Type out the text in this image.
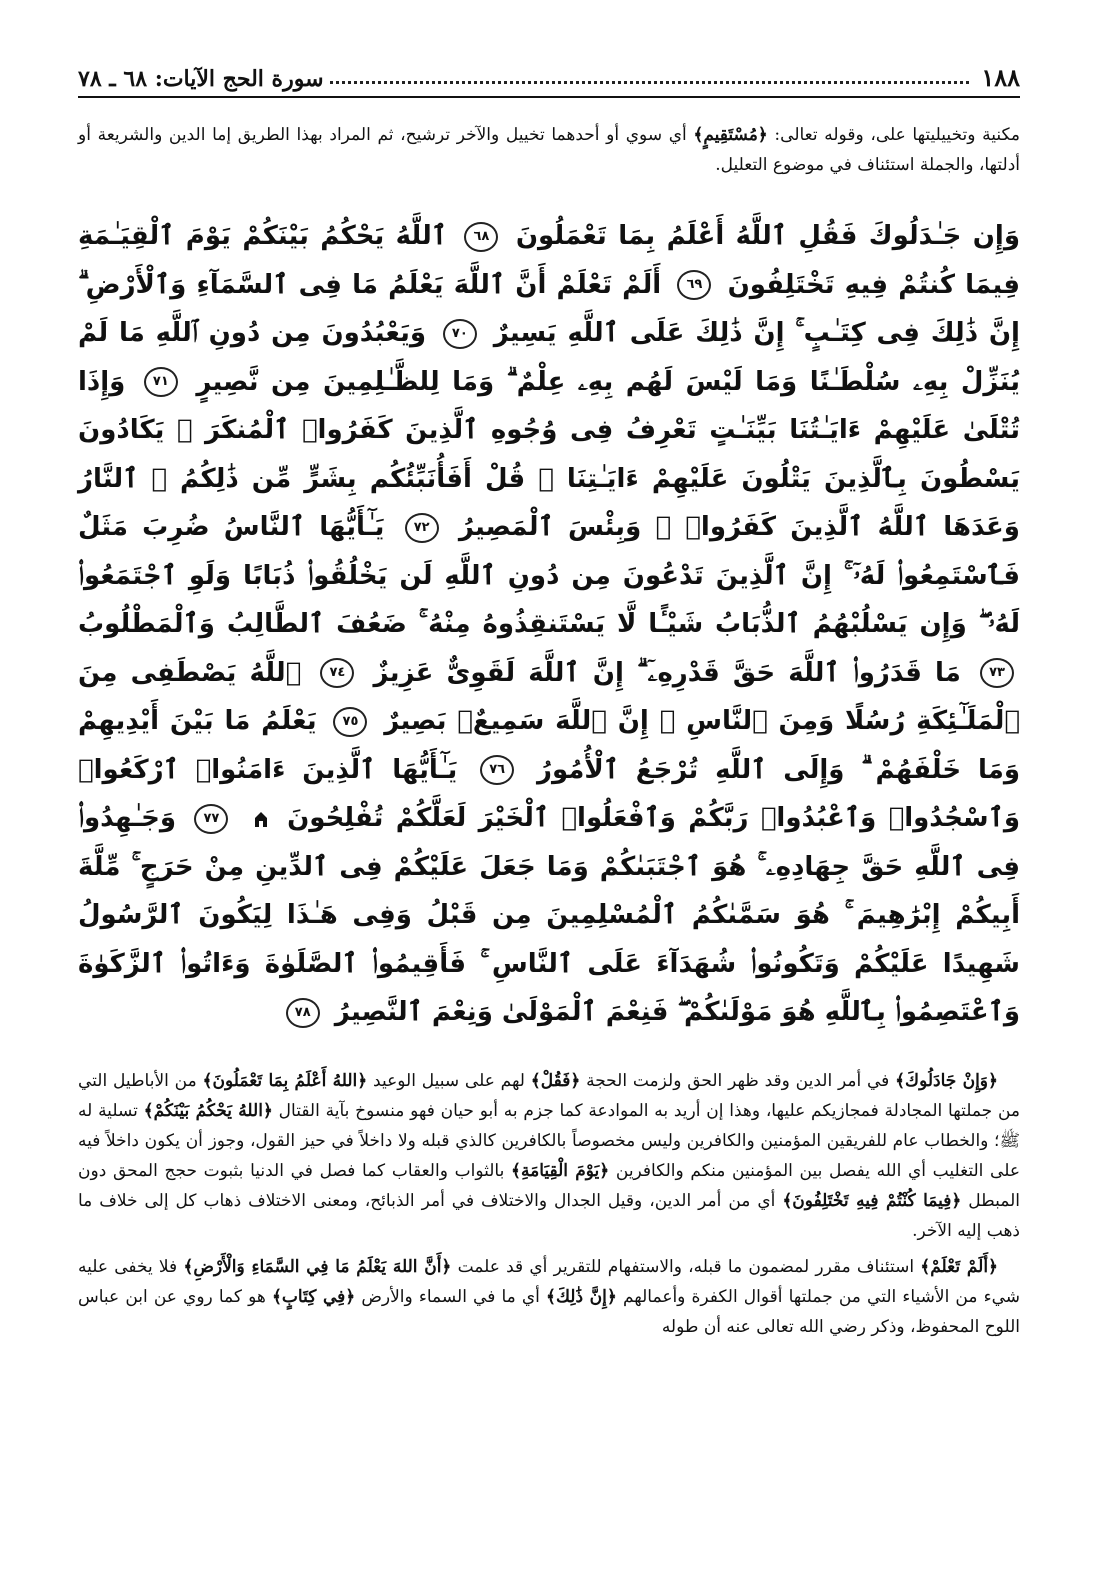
١٨٨
سورة الحج الآيات: ٦٨ ـ ٧٨

مكنية وتخييليتها على، وقوله تعالى: ﴿مُسْتَقِيمٍ﴾ أي سوي أو أحدهما تخييل والآخر ترشيح، ثم المراد بهذا الطريق إما الدين والشريعة أو أدلتها، والجملة استئناف في موضوع التعليل.

وَإِن جَـٰدَلُوكَ فَقُلِ ٱللَّهُ أَعْلَمُ بِمَا تَعْمَلُونَ ٦٨ ٱللَّهُ يَحْكُمُ بَيْنَكُمْ يَوْمَ ٱلْقِيَـٰمَةِ فِيمَا كُنتُمْ فِيهِ تَخْتَلِفُونَ ٦٩ أَلَمْ تَعْلَمْ أَنَّ ٱللَّهَ يَعْلَمُ مَا فِى ٱلسَّمَآءِ وَٱلْأَرْضِ ۗ إِنَّ ذَٰلِكَ فِى كِتَـٰبٍ ۚ إِنَّ ذَٰلِكَ عَلَى ٱللَّهِ يَسِيرٌ ٧٠ وَيَعْبُدُونَ مِن دُونِ ٱللَّهِ مَا لَمْ يُنَزِّلْ بِهِۦ سُلْطَـٰنًا وَمَا لَيْسَ لَهُم بِهِۦ عِلْمٌ ۗ وَمَا لِلظَّـٰلِمِينَ مِن نَّصِيرٍ ٧١ وَإِذَا تُتْلَىٰ عَلَيْهِمْ ءَايَـٰتُنَا بَيِّنَـٰتٍ تَعْرِفُ فِى وُجُوهِ ٱلَّذِينَ كَفَرُوا۟ ٱلْمُنكَرَ ۖ يَكَادُونَ يَسْطُونَ بِٱلَّذِينَ يَتْلُونَ عَلَيْهِمْ ءَايَـٰتِنَا ۗ قُلْ أَفَأُنَبِّئُكُم بِشَرٍّ مِّن ذَٰلِكُمُ ۗ ٱلنَّارُ وَعَدَهَا ٱللَّهُ ٱلَّذِينَ كَفَرُوا۟ ۖ وَبِئْسَ ٱلْمَصِيرُ ٧٢ يَـٰٓأَيُّهَا ٱلنَّاسُ ضُرِبَ مَثَلٌ فَٱسْتَمِعُوا۟ لَهُۥٓ ۚ إِنَّ ٱلَّذِينَ تَدْعُونَ مِن دُونِ ٱللَّهِ لَن يَخْلُقُوا۟ ذُبَابًا وَلَوِ ٱجْتَمَعُوا۟ لَهُۥ ۖ وَإِن يَسْلُبْهُمُ ٱلذُّبَابُ شَيْـًٔا لَّا يَسْتَنقِذُوهُ مِنْهُ ۚ ضَعُفَ ٱلطَّالِبُ وَٱلْمَطْلُوبُ ٧٣ مَا قَدَرُوا۟ ٱللَّهَ حَقَّ قَدْرِهِۦٓ ۗ إِنَّ ٱللَّهَ لَقَوِىٌّ عَزِيزٌ ٧٤ ٱللَّهُ يَصْطَفِى مِنَ ٱلْمَلَـٰٓئِكَةِ رُسُلًا وَمِنَ ٱلنَّاسِ ۚ إِنَّ ٱللَّهَ سَمِيعٌۢ بَصِيرٌ ٧٥ يَعْلَمُ مَا بَيْنَ أَيْدِيهِمْ وَمَا خَلْفَهُمْ ۗ وَإِلَى ٱللَّهِ تُرْجَعُ ٱلْأُمُورُ ٧٦ يَـٰٓأَيُّهَا ٱلَّذِينَ ءَامَنُوا۟ ٱرْكَعُوا۟ وَٱسْجُدُوا۟ وَٱعْبُدُوا۟ رَبَّكُمْ وَٱفْعَلُوا۟ ٱلْخَيْرَ لَعَلَّكُمْ تُفْلِحُونَ  ٧٧ وَجَـٰهِدُوا۟ فِى ٱللَّهِ حَقَّ جِهَادِهِۦ ۚ هُوَ ٱجْتَبَىٰكُمْ وَمَا جَعَلَ عَلَيْكُمْ فِى ٱلدِّينِ مِنْ حَرَجٍ ۚ مِّلَّةَ أَبِيكُمْ إِبْرَٰهِيمَ ۚ هُوَ سَمَّىٰكُمُ ٱلْمُسْلِمِينَ مِن قَبْلُ وَفِى هَـٰذَا لِيَكُونَ ٱلرَّسُولُ شَهِيدًا عَلَيْكُمْ وَتَكُونُوا۟ شُهَدَآءَ عَلَى ٱلنَّاسِ ۚ فَأَقِيمُوا۟ ٱلصَّلَوٰةَ وَءَاتُوا۟ ٱلزَّكَوٰةَ وَٱعْتَصِمُوا۟ بِٱللَّهِ هُوَ مَوْلَىٰكُمْ ۖ فَنِعْمَ ٱلْمَوْلَىٰ وَنِعْمَ ٱلنَّصِيرُ ٧٨

﴿وَإِنْ جَادَلُوكَ﴾ في أمر الدين وقد ظهر الحق ولزمت الحجة ﴿فَقُلْ﴾ لهم على سبيل الوعيد ﴿اللهُ أَعْلَمُ بِمَا تَعْمَلُونَ﴾ من الأباطيل التي من جملتها المجادلة فمجازيكم عليها، وهذا إن أريد به الموادعة كما جزم به أبو حيان فهو منسوخ بآية القتال ﴿اللهُ يَحْكُمُ بَيْنَكُمْ﴾ تسلية له ﷺ؛ والخطاب عام للفريقين المؤمنين والكافرين وليس مخصوصاً بالكافرين كالذي قبله ولا داخلاً في حيز القول، وجوز أن يكون داخلاً فيه على التغليب أي الله يفصل بين المؤمنين منكم والكافرين ﴿يَوْمَ الْقِيَامَةِ﴾ بالثواب والعقاب كما فصل في الدنيا بثبوت حجج المحق دون المبطل ﴿فِيمَا كُنْتُمْ فِيهِ تَخْتَلِفُونَ﴾ أي من أمر الدين، وقيل الجدال والاختلاف في أمر الذبائح، ومعنى الاختلاف ذهاب كل إلى خلاف ما ذهب إليه الآخر.

﴿أَلَمْ تَعْلَمْ﴾ استئناف مقرر لمضمون ما قبله، والاستفهام للتقرير أي قد علمت ﴿أَنَّ اللهَ يَعْلَمُ مَا فِي السَّمَاءِ وَالْأَرْضِ﴾ فلا يخفى عليه شيء من الأشياء التي من جملتها أقوال الكفرة وأعمالهم ﴿إِنَّ ذَٰلِكَ﴾ أي ما في السماء والأرض ﴿فِي كِتَابٍ﴾ هو كما روي عن ابن عباس اللوح المحفوظ، وذكر رضي الله تعالى عنه أن طوله
